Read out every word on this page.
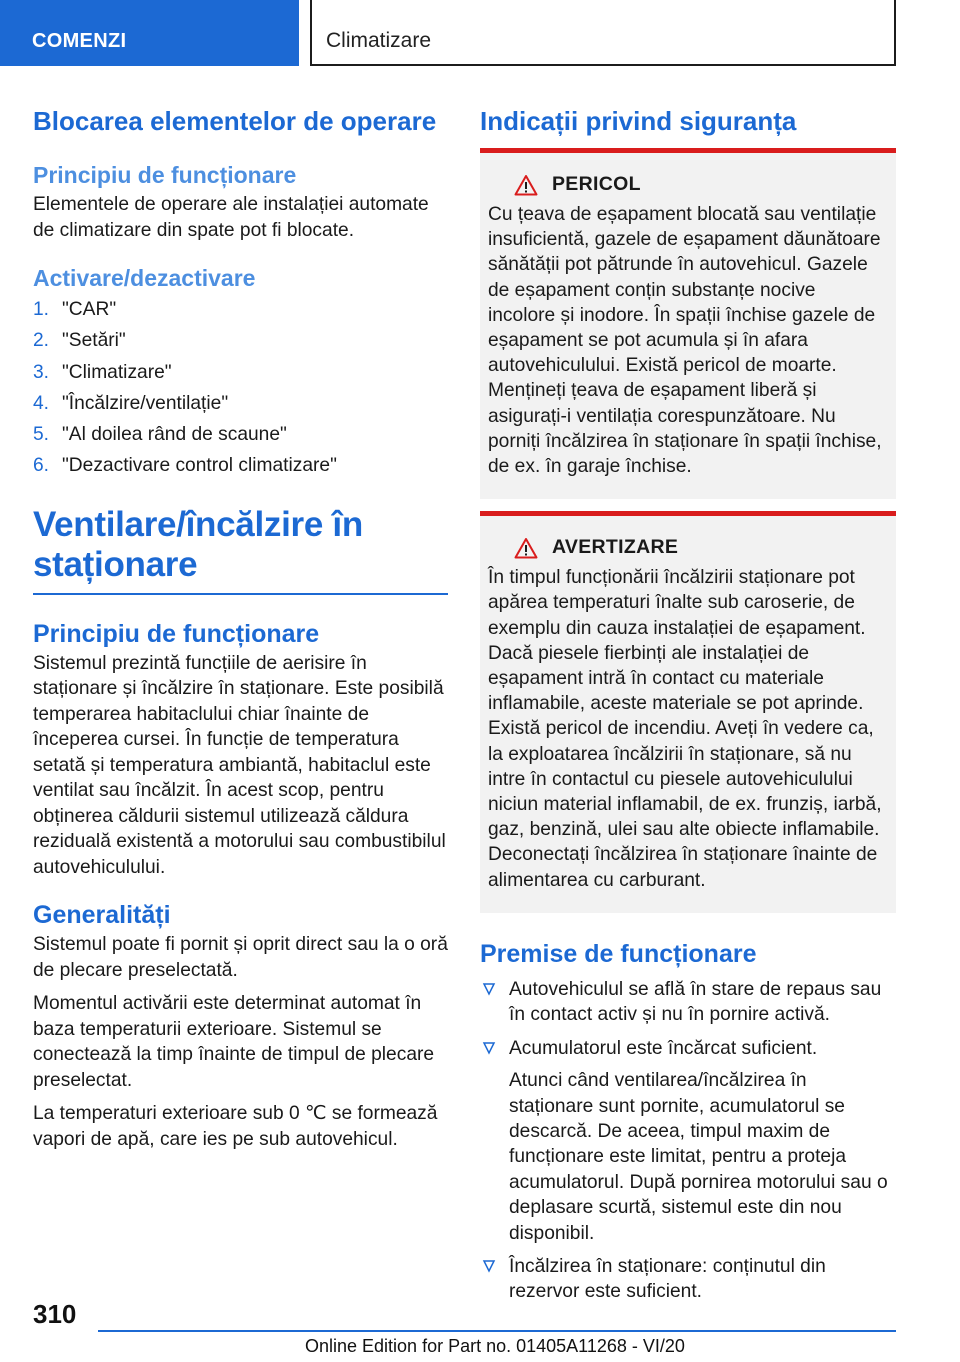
COMENZI	Climatizare
Blocarea elementelor de operare
Principiu de funcționare

Elementele de operare ale instalației automate de climatizare din spate pot fi blocate.

Activare/dezactivare
1. "CAR"
2. "Setări"
3. "Climatizare"
4. "Încălzire/ventilație"
5. "Al doilea rând de scaune"
6. "Dezactivare control climatizare"
Ventilare/încălzire în
staționare
Principiu de funcționare

Sistemul prezintă funcțiile de aerisire în staționare și încălzire în staționare. Este posibilă temperarea habitaclului chiar înainte de începerea cursei. În funcție de temperatura setată și temperatura ambiantă, habitaclul este ventilat sau încălzit. În acest scop, pentru obținerea căldurii sistemul utilizează căldura reziduală existentă a motorului sau combustibilul autovehiculului.

Generalități

Sistemul poate fi pornit și oprit direct sau la o oră de plecare preselectată.

Momentul activării este determinat automat în baza temperaturii exterioare. Sistemul se conectează la timp înainte de timpul de plecare preselectat.

La temperaturi exterioare sub 0 ℃ se formează vapori de apă, care ies pe sub autovehicul.

Indicații privind siguranța
PERICOL

Cu țeava de eșapament blocată sau ventilație insuficientă, gazele de eșapament dăunătoare sănătății pot pătrunde în autovehicul. Gazele de eșapament conțin substanțe nocive incolore și inodore. În spații închise gazele de eșapament se pot acumula și în afara autovehiculului. Există pericol de moarte. Mențineți țeava de eșapament liberă și asigurați-i ventilația corespunzătoare. Nu porniți încălzirea în staționare în spații închise, de ex. în garaje închise.

AVERTIZARE

În timpul funcționării încălzirii staționare pot apărea temperaturi înalte sub caroserie, de exemplu din cauza instalației de eșapament. Dacă piesele fierbinți ale instalației de eșapament intră în contact cu materiale inflamabile, aceste materiale se pot aprinde. Există pericol de incendiu. Aveți în vedere ca, la exploatarea încălzirii în staționare, să nu intre în contactul cu piesele autovehiculului niciun material inflamabil, de ex. frunziș, iarbă, gaz, benzină, ulei sau alte obiecte inflamabile. Deconectați încălzirea în staționare înainte de alimentarea cu carburant.

Premise de funcționare

Autovehiculul se află în stare de repaus sau în contact activ și nu în pornire activă.

Acumulatorul este încărcat suficient.

Atunci când ventilarea/încălzirea în staționare sunt pornite, acumulatorul se descarcă. De aceea, timpul maxim de funcționare este limitat, pentru a proteja acumulatorul. După pornirea motorului sau o deplasare scurtă, sistemul este din nou disponibil.

Încălzirea în staționare: conținutul din rezervor este suficient.

310
Online Edition for Part no. 01405A11268 - VI/20
